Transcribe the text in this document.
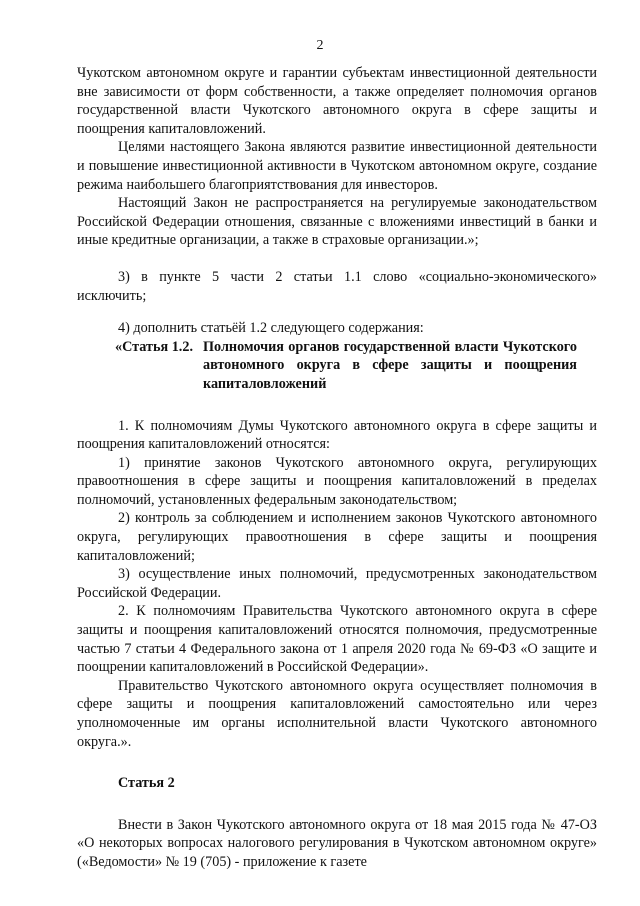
2

Чукотском автономном округе и гарантии субъектам инвестиционной деятельности вне зависимости от форм собственности, а также определяет полномочия органов государственной власти Чукотского автономного округа в сфере защиты и поощрения капиталовложений.

Целями настоящего Закона являются развитие инвестиционной деятельности и повышение инвестиционной активности в Чукотском автономном округе, создание режима наибольшего благоприятствования для инвесторов.

Настоящий Закон не распространяется на регулируемые законодательством Российской Федерации отношения, связанные с вложениями инвестиций в банки и иные кредитные организации, а также в страховые организации.»;

3) в пункте 5 части 2 статьи 1.1 слово «социально-экономического» исключить;

4) дополнить статьёй 1.2 следующего содержания:

«Статья 1.2. Полномочия органов государственной власти Чукотского автономного округа в сфере защиты и поощрения капиталовложений

1. К полномочиям Думы Чукотского автономного округа в сфере защиты и поощрения капиталовложений относятся:

1) принятие законов Чукотского автономного округа, регулирующих правоотношения в сфере защиты и поощрения капиталовложений в пределах полномочий, установленных федеральным законодательством;

2) контроль за соблюдением и исполнением законов Чукотского автономного округа, регулирующих правоотношения в сфере защиты и поощрения капиталовложений;

3) осуществление иных полномочий, предусмотренных законодательством Российской Федерации.

2. К полномочиям Правительства Чукотского автономного округа в сфере защиты и поощрения капиталовложений относятся полномочия, предусмотренные частью 7 статьи 4 Федерального закона от 1 апреля 2020 года № 69-ФЗ «О защите и поощрении капиталовложений в Российской Федерации».

Правительство Чукотского автономного округа осуществляет полномочия в сфере защиты и поощрения капиталовложений самостоятельно или через уполномоченные им органы исполнительной власти Чукотского автономного округа.».

Статья 2

Внести в Закон Чукотского автономного округа от 18 мая 2015 года № 47-ОЗ «О некоторых вопросах налогового регулирования в Чукотском автономном округе» («Ведомости» № 19 (705) - приложение к газете
